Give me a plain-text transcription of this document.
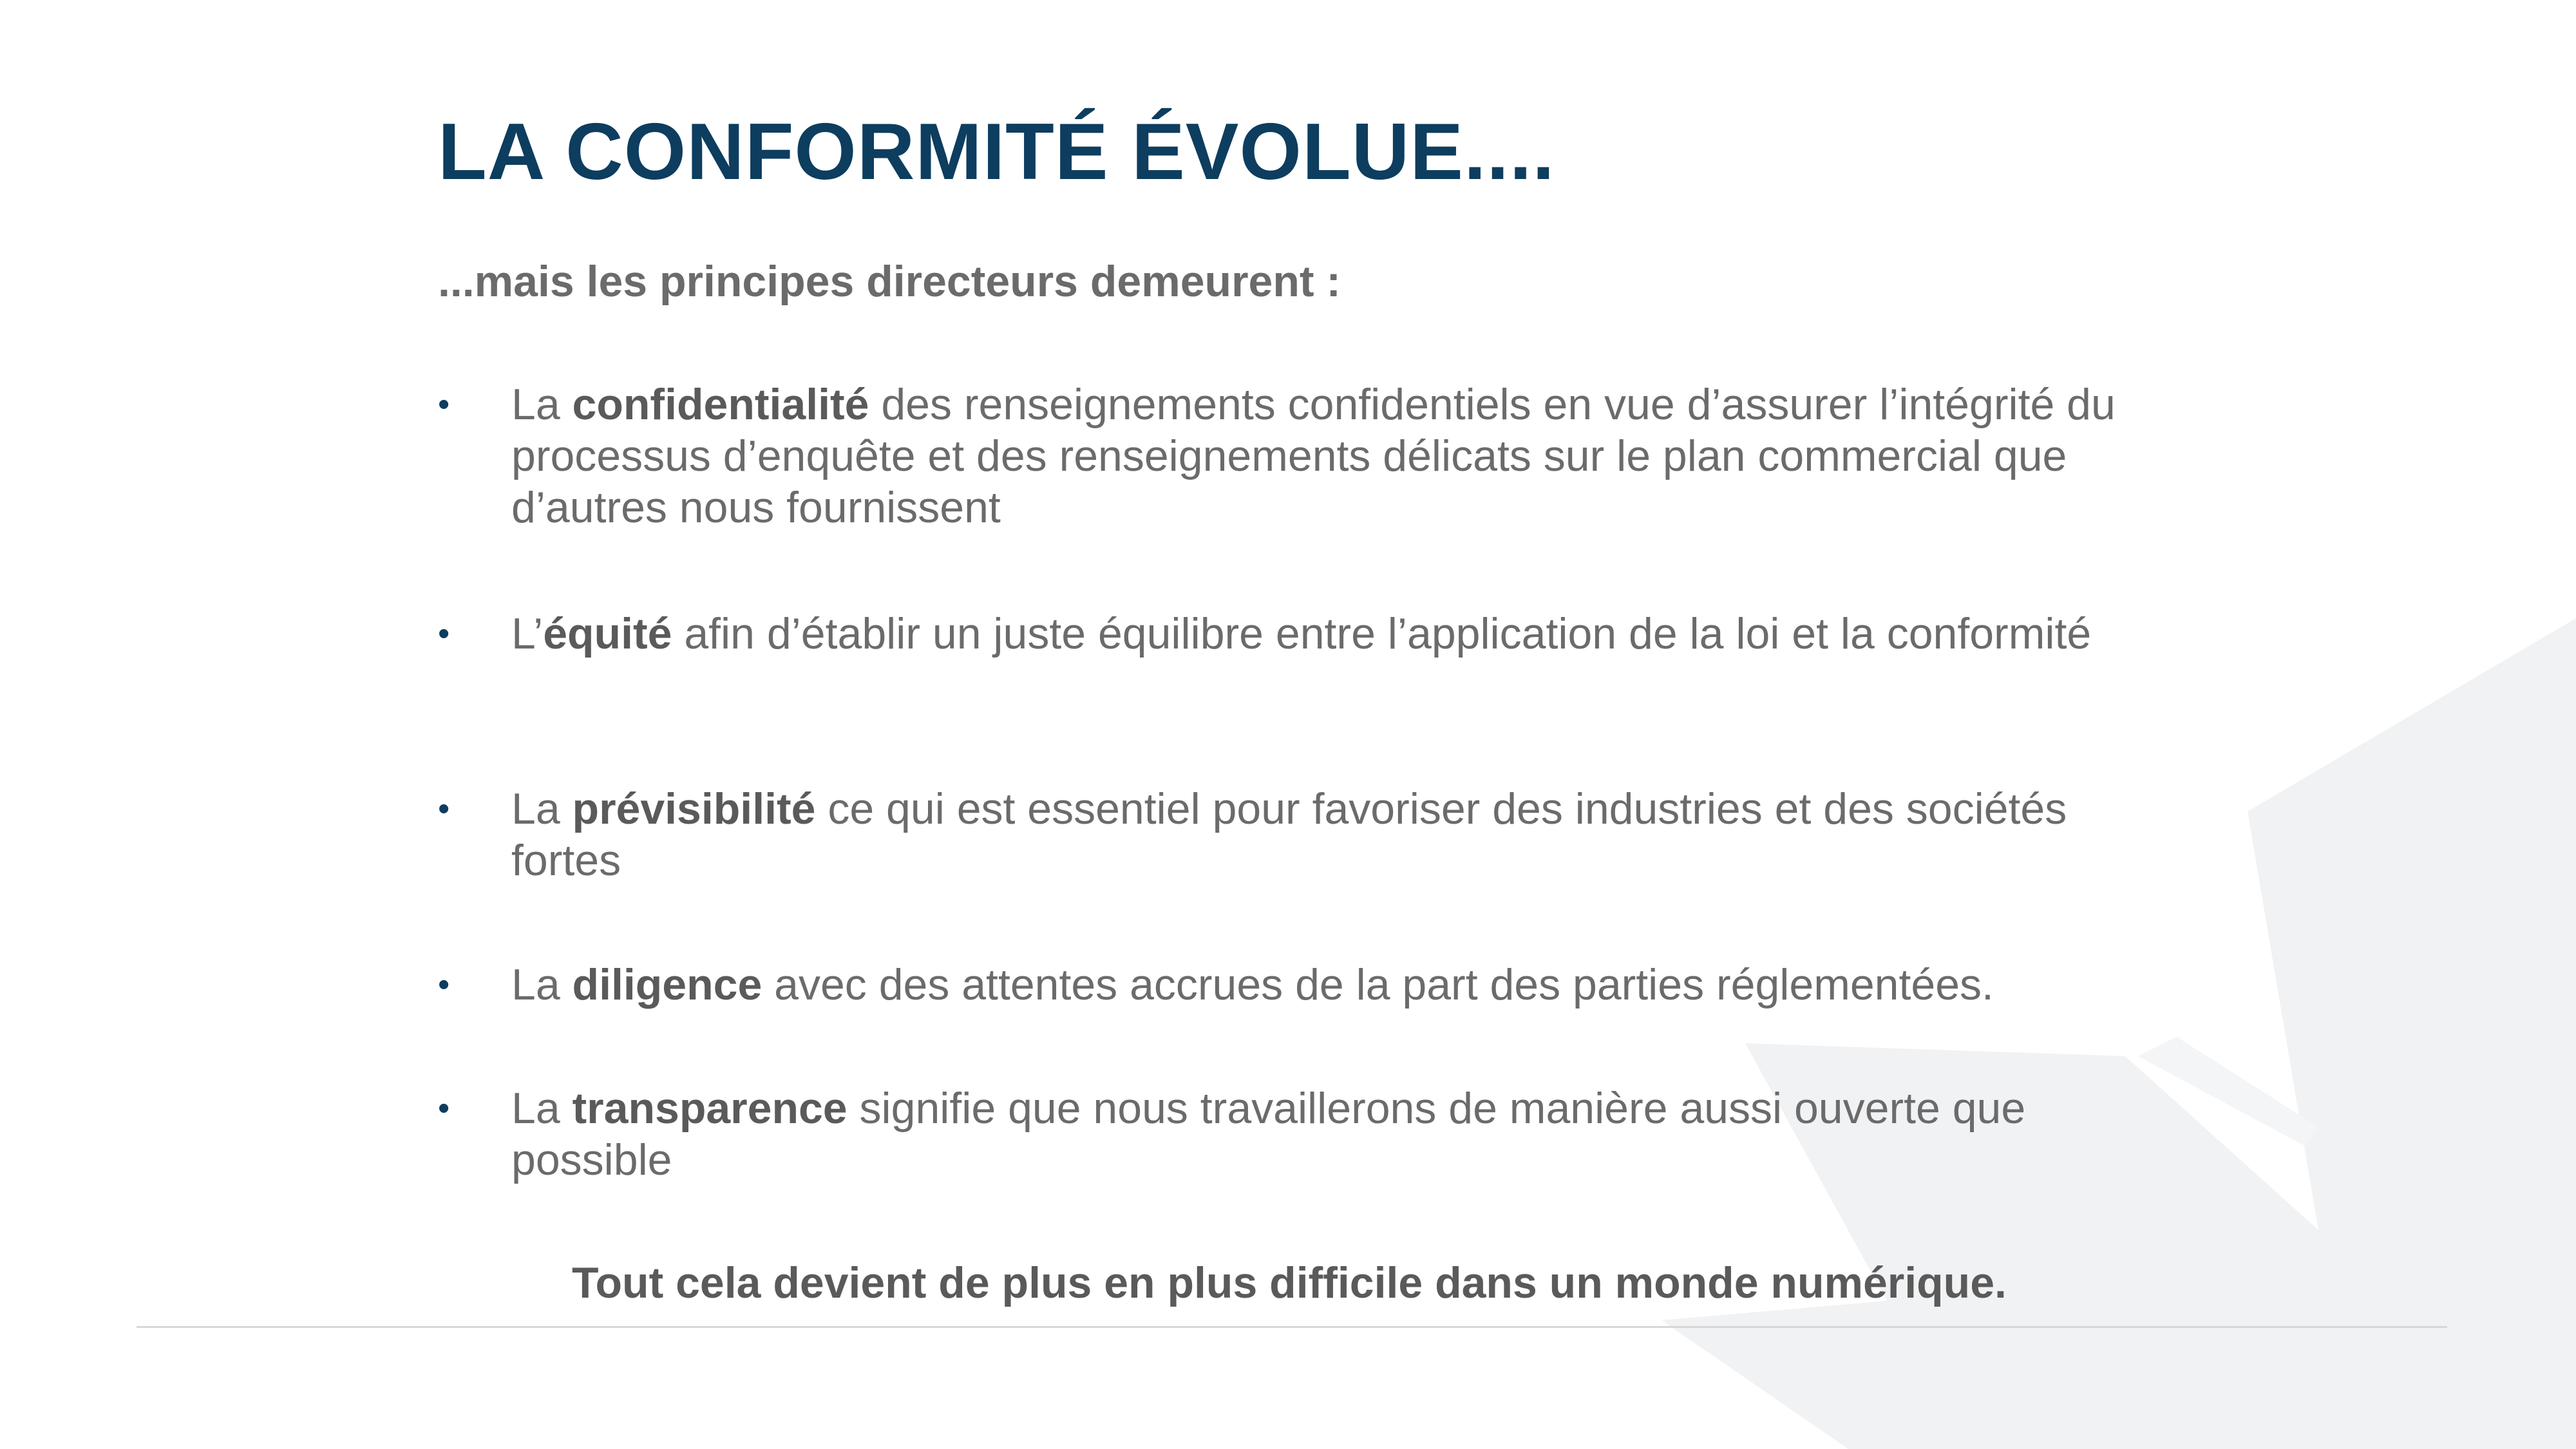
LA CONFORMITÉ ÉVOLUE....

...mais les principes directeurs demeurent :

•	La confidentialité des renseignements confidentiels en vue d’assurer l’intégrité du processus d’enquête et des renseignements délicats sur le plan commercial que d’autres nous fournissent
•	L’équité afin d’établir un juste équilibre entre l’application de la loi et la conformité
•	La prévisibilité ce qui est essentiel pour favoriser des industries et des sociétés fortes
•	La diligence avec des attentes accrues de la part des parties réglementées.
•	La transparence signifie que nous travaillerons de manière aussi ouverte que possible

Tout cela devient de plus en plus difficile dans un monde numérique.
